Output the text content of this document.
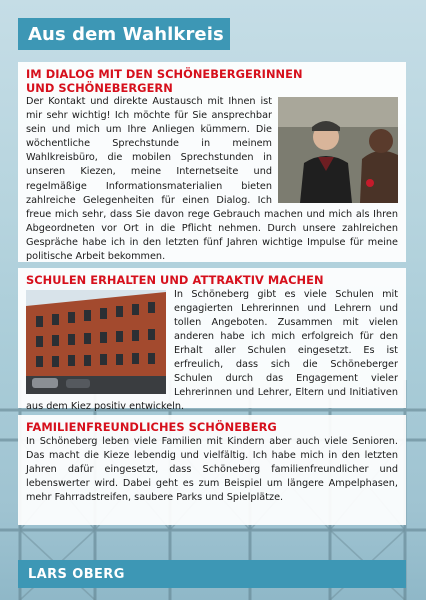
Aus dem Wahlkreis
IM DIALOG MIT DEN SCHÖNEBERGERINNEN
UND SCHÖNEBERGERN

Der Kontakt und direkte Austausch mit Ihnen ist mir sehr wichtig! Ich möchte für Sie ansprechbar sein und mich um Ihre Anliegen kümmern. Die wöchentliche Sprechstunde in meinem Wahlkreisbüro, die mobilen Sprechstunden in unseren Kiezen, meine Internetseite und regelmäßige Informationsmaterialien bieten zahlreiche Gelegenheiten für einen Dialog. Ich freue mich sehr, dass Sie davon rege Gebrauch machen und mich als Ihren Abgeordneten vor Ort in die Pflicht nehmen. Durch unsere zahlreichen Gespräche habe ich in den letzten fünf Jahren wichtige Impulse für meine politische Arbeit bekommen.

SCHULEN ERHALTEN UND ATTRAKTIV MACHEN

In Schöneberg gibt es viele Schulen mit engagierten Lehrerinnen und Lehrern und tollen Angeboten. Zusammen mit vielen anderen habe ich mich erfolgreich für den Erhalt aller Schulen eingesetzt. Es ist erfreulich, dass sich die Schöneberger Schulen durch das Engagement vieler Lehrerinnen und Lehrer, Eltern und Initiativen aus dem Kiez positiv entwickeln.

FAMILIENFREUNDLICHES SCHÖNEBERG

In Schöneberg leben viele Familien mit Kindern aber auch viele Senioren. Das macht die Kieze lebendig und vielfältig. Ich habe mich in den letzten Jahren dafür eingesetzt, dass Schöneberg familienfreundlicher und lebenswerter wird. Dabei geht es zum Beispiel um längere Ampelphasen, mehr Fahrradstreifen, saubere Parks und Spielplätze.

LARS OBERG
